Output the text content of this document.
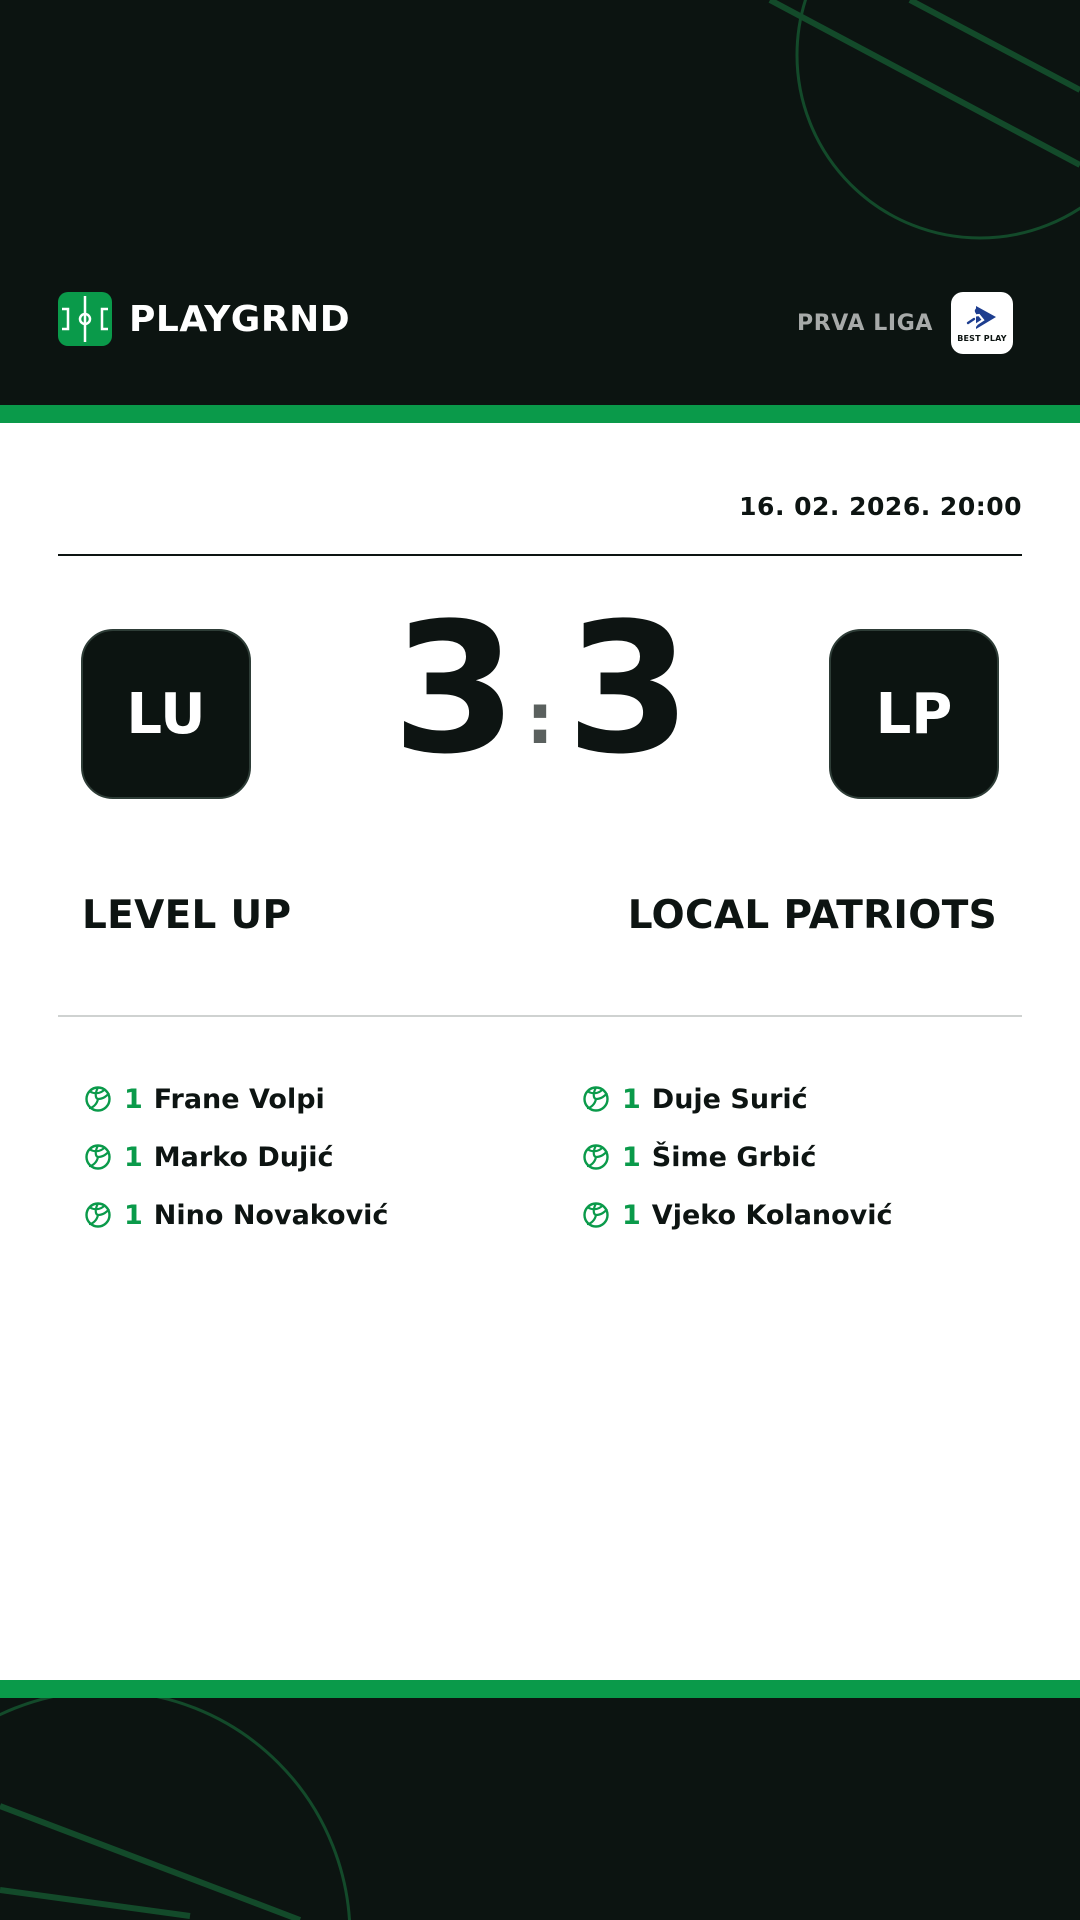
PLAYGRND	PRVA LIGA
BEST PLAY
16. 02. 2026. 20:00
LU 3 : 3	LP
LEVEL UP	LOCAL PATRIOTS
1 Frane Volpi
1 Marko Dujić
1 Nino Novaković
1 Duje Surić
1 Šime Grbić
1 Vjeko Kolanović
